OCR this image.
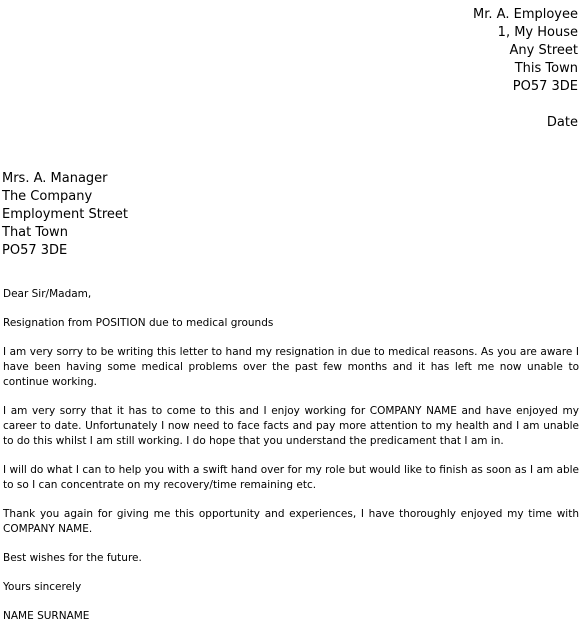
Mr. A. Employee
1, My House
Any Street
This Town
PO57 3DE
Date
Mrs. A. Manager
The Company
Employment Street
That Town
PO57 3DE

Dear Sir/Madam,

Resignation from POSITION due to medical grounds

I am very sorry to be writing this letter to hand my resignation in due to medical reasons. As you are aware I have been having some medical problems over the past few months and it has left me now unable to continue working.

I am very sorry that it has to come to this and I enjoy working for COMPANY NAME and have enjoyed my career to date. Unfortunately I now need to face facts and pay more attention to my health and I am unable to do this whilst I am still working. I do hope that you understand the predicament that I am in.

I will do what I can to help you with a swift hand over for my role but would like to finish as soon as I am able to so I can concentrate on my recovery/time remaining etc.

Thank you again for giving me this opportunity and experiences, I have thoroughly enjoyed my time with COMPANY NAME.

Best wishes for the future.

Yours sincerely

NAME SURNAME
